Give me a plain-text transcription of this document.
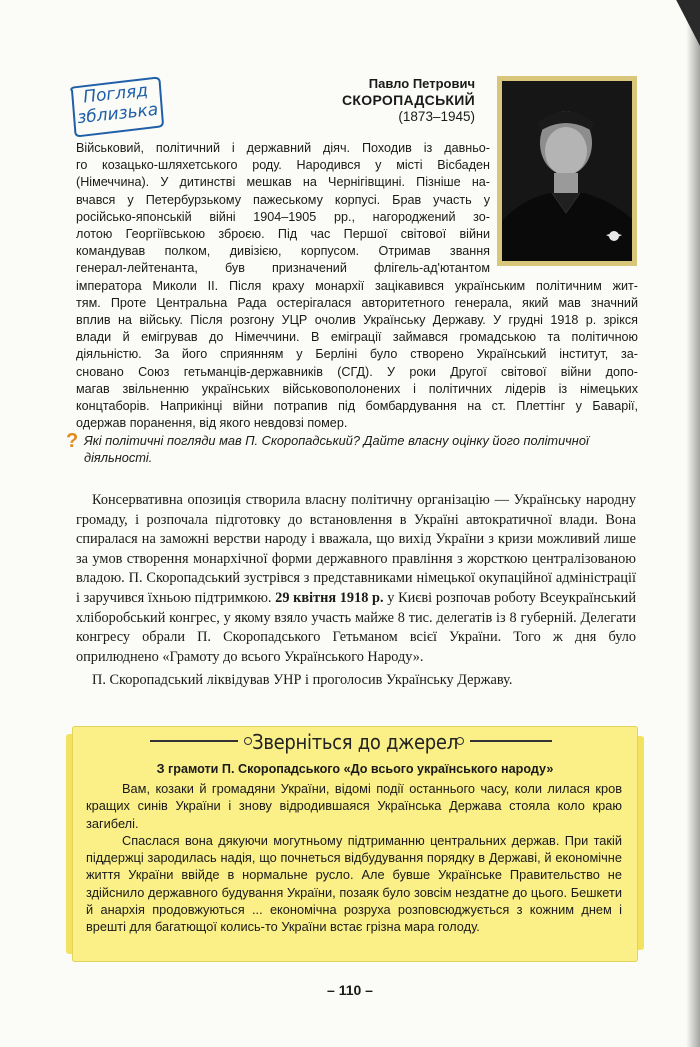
Погляд
зблизька
Павло Петрович
СКОРОПАДСЬКИЙ
(1873–1945)
Військовий, політичний і державний діяч. Походив із давньо-
го козацько-шляхетського роду. Народився у місті Вісбаден
(Німеччина). У дитинстві мешкав на Чернігівщині. Пізніше на-
вчався у Петербурзькому пажеському корпусі. Брав участь у
російсько-японській війні 1904–1905 рр., нагороджений зо-
лотою Георгіївською зброєю. Під час Першої світової війни
командував полком, дивізією, корпусом. Отримав звання
генерал-лейтенанта, був призначений флігель-ад'ютантом
імператора Миколи ІІ. Після краху монархії зацікавився українським політичним жит-
тям. Проте Центральна Рада остерігалася авторитетного генерала, який мав значний
вплив на війську. Після розгону УЦР очолив Українську Державу. У грудні 1918 р. зрікся
влади й емігрував до Німеччини. В еміграції займався громадською та політичною
діяльністю. За його сприянням у Берліні було створено Український інститут, за-
сновано Союз гетьманців-державників (СГД). У роки Другої світової війни допо-
магав звільненню українських військовополонених і політичних лідерів із німецьких
концтаборів. Наприкінці війни потрапив під бомбардування на ст. Плеттінг у Баварії,
одержав поранення, від якого невдовзі помер.
? Які політичні погляди мав П. Скоропадський? Дайте власну оцінку його політичної діяльності.

Консервативна опозиція створила власну політичну організацію — Українську народну громаду, і розпочала підготовку до встановлення в Україні автократичної влади. Вона спиралася на заможні верстви народу і вважала, що вихід України з кризи можливий лише за умов створення монархічної форми державного правління з жорсткою централізованою владою. П. Скоропадський зустрівся з представниками німецької окупаційної адміністрації і заручився їхньою підтримкою. 29 квітня 1918 р. у Києві розпочав роботу Всеукраїнський хліборобський конгрес, у якому взяло участь майже 8 тис. делегатів із 8 губерній. Делегати конгресу обрали П. Скоропадського Гетьманом всієї України. Того ж дня було оприлюднено «Грамоту до всього Українського Народу».

П. Скоропадський ліквідував УНР і проголосив Українську Державу.

Зверніться до джерел
З грамоти П. Скоропадського «До всього українського народу»

Вам, козаки й громадяни України, відомі події останнього часу, коли лилася кров кращих синів України і знову відродившаяся Українська Держава стояла коло краю загибелі.

Спаслася вона дякуючи могутньому підтриманню центральних держав. При такій піддержці зародилась надія, що почнеться відбудування порядку в Державі, й економічне життя України ввійде в нормальне русло. Але бувше Українське Правительство не здійснило державного будування України, позаяк було зовсім нездатне до цього. Бешкети й анархія продовжуються ... економічна розруха розповсюджується з кожним днем і врешті для багатющої колись-то України встає грізна мара голоду.

– 110 –
